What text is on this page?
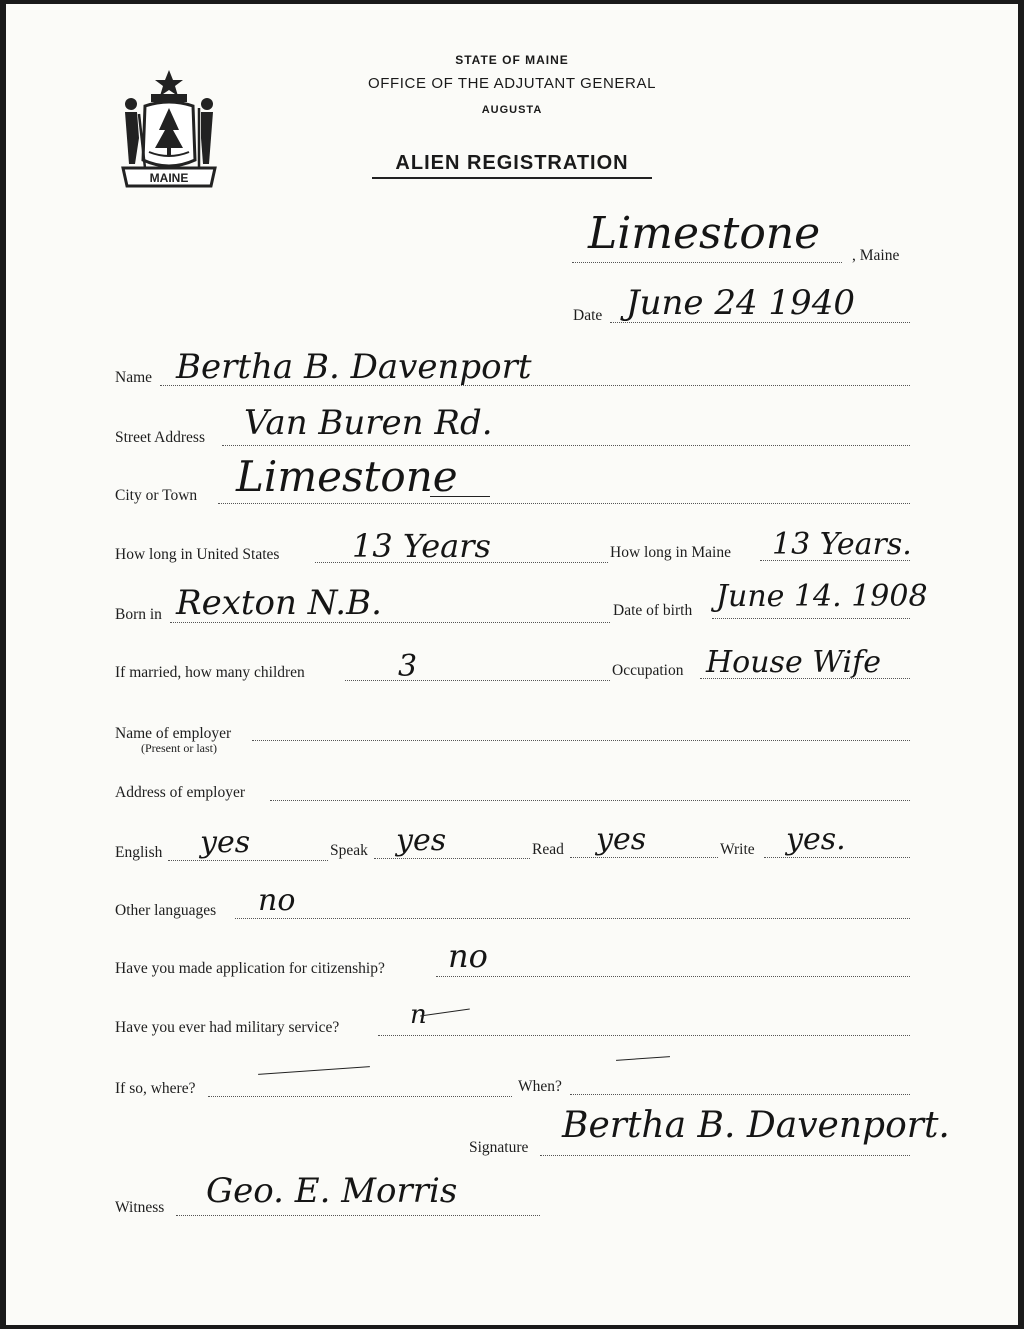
MAINE
STATE OF MAINE
OFFICE OF THE ADJUTANT GENERAL
AUGUSTA
ALIEN REGISTRATION
Limestone , Maine
Date June 24 1940
Name Bertha B. Davenport
Street Address Van Buren Rd.
City or Town Limestone
How long in United States 13 Years	How long in Maine 13 Years.
Born in Rexton N.B.	Date of birth June 14. 1908
If married, how many children	3	Occupation House Wife
Name of employer
(Present or last)
Address of employer
English yes	Speak yes	Read yes	Write yes.
Other languages no
Have you made application for citizenship? no
Have you ever had military service?	n
If so, where?	When?
Signature
Bertha B. Davenport.
Witness Geo. E. Morris
